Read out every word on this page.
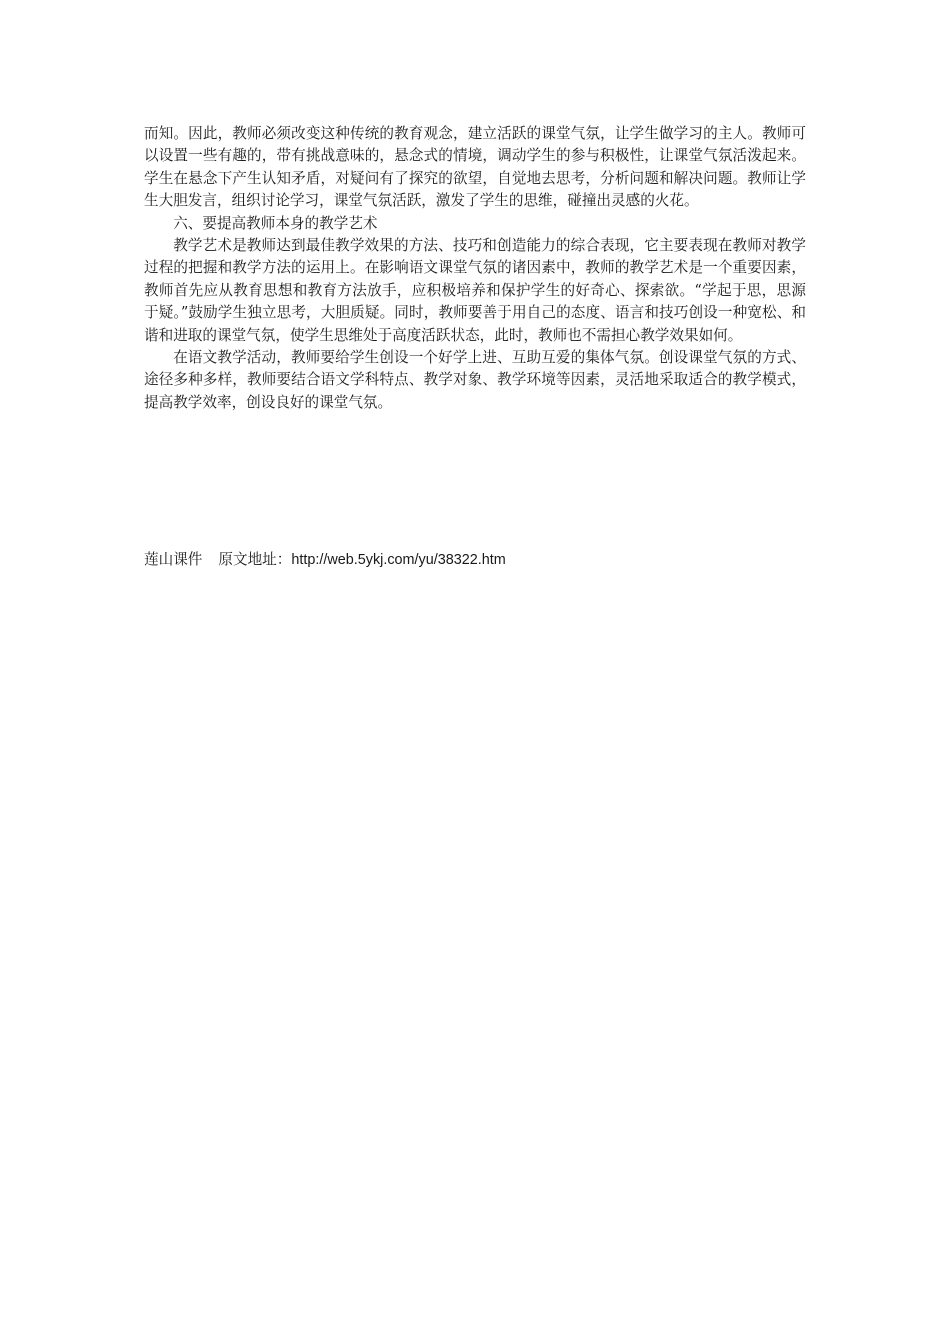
而知。因此，教师必须改变这种传统的教育观念，建立活跃的课堂气氛，让学生做学习的主人。教师可以设置一些有趣的，带有挑战意味的，悬念式的情境，调动学生的参与积极性，让课堂气氛活泼起来。学生在悬念下产生认知矛盾，对疑问有了探究的欲望，自觉地去思考，分析问题和解决问题。教师让学生大胆发言，组织讨论学习，课堂气氛活跃，激发了学生的思维，碰撞出灵感的火花。

六、要提高教师本身的教学艺术

教学艺术是教师达到最佳教学效果的方法、技巧和创造能力的综合表现，它主要表现在教师对教学过程的把握和教学方法的运用上。在影响语文课堂气氛的诸因素中，教师的教学艺术是一个重要因素，教师首先应从教育思想和教育方法放手，应积极培养和保护学生的好奇心、探索欲。“学起于思，思源于疑。”鼓励学生独立思考，大胆质疑。同时，教师要善于用自己的态度、语言和技巧创设一种宽松、和谐和进取的课堂气氛，使学生思维处于高度活跃状态，此时，教师也不需担心教学效果如何。

在语文教学活动，教师要给学生创设一个好学上进、互助互爱的集体气氛。创设课堂气氛的方式、途径多种多样，教师要结合语文学科特点、教学对象、教学环境等因素，灵活地采取适合的教学模式，提高教学效率，创设良好的课堂气氛。

莲山课件 原文地址：http://web.5ykj.com/yu/38322.htm
